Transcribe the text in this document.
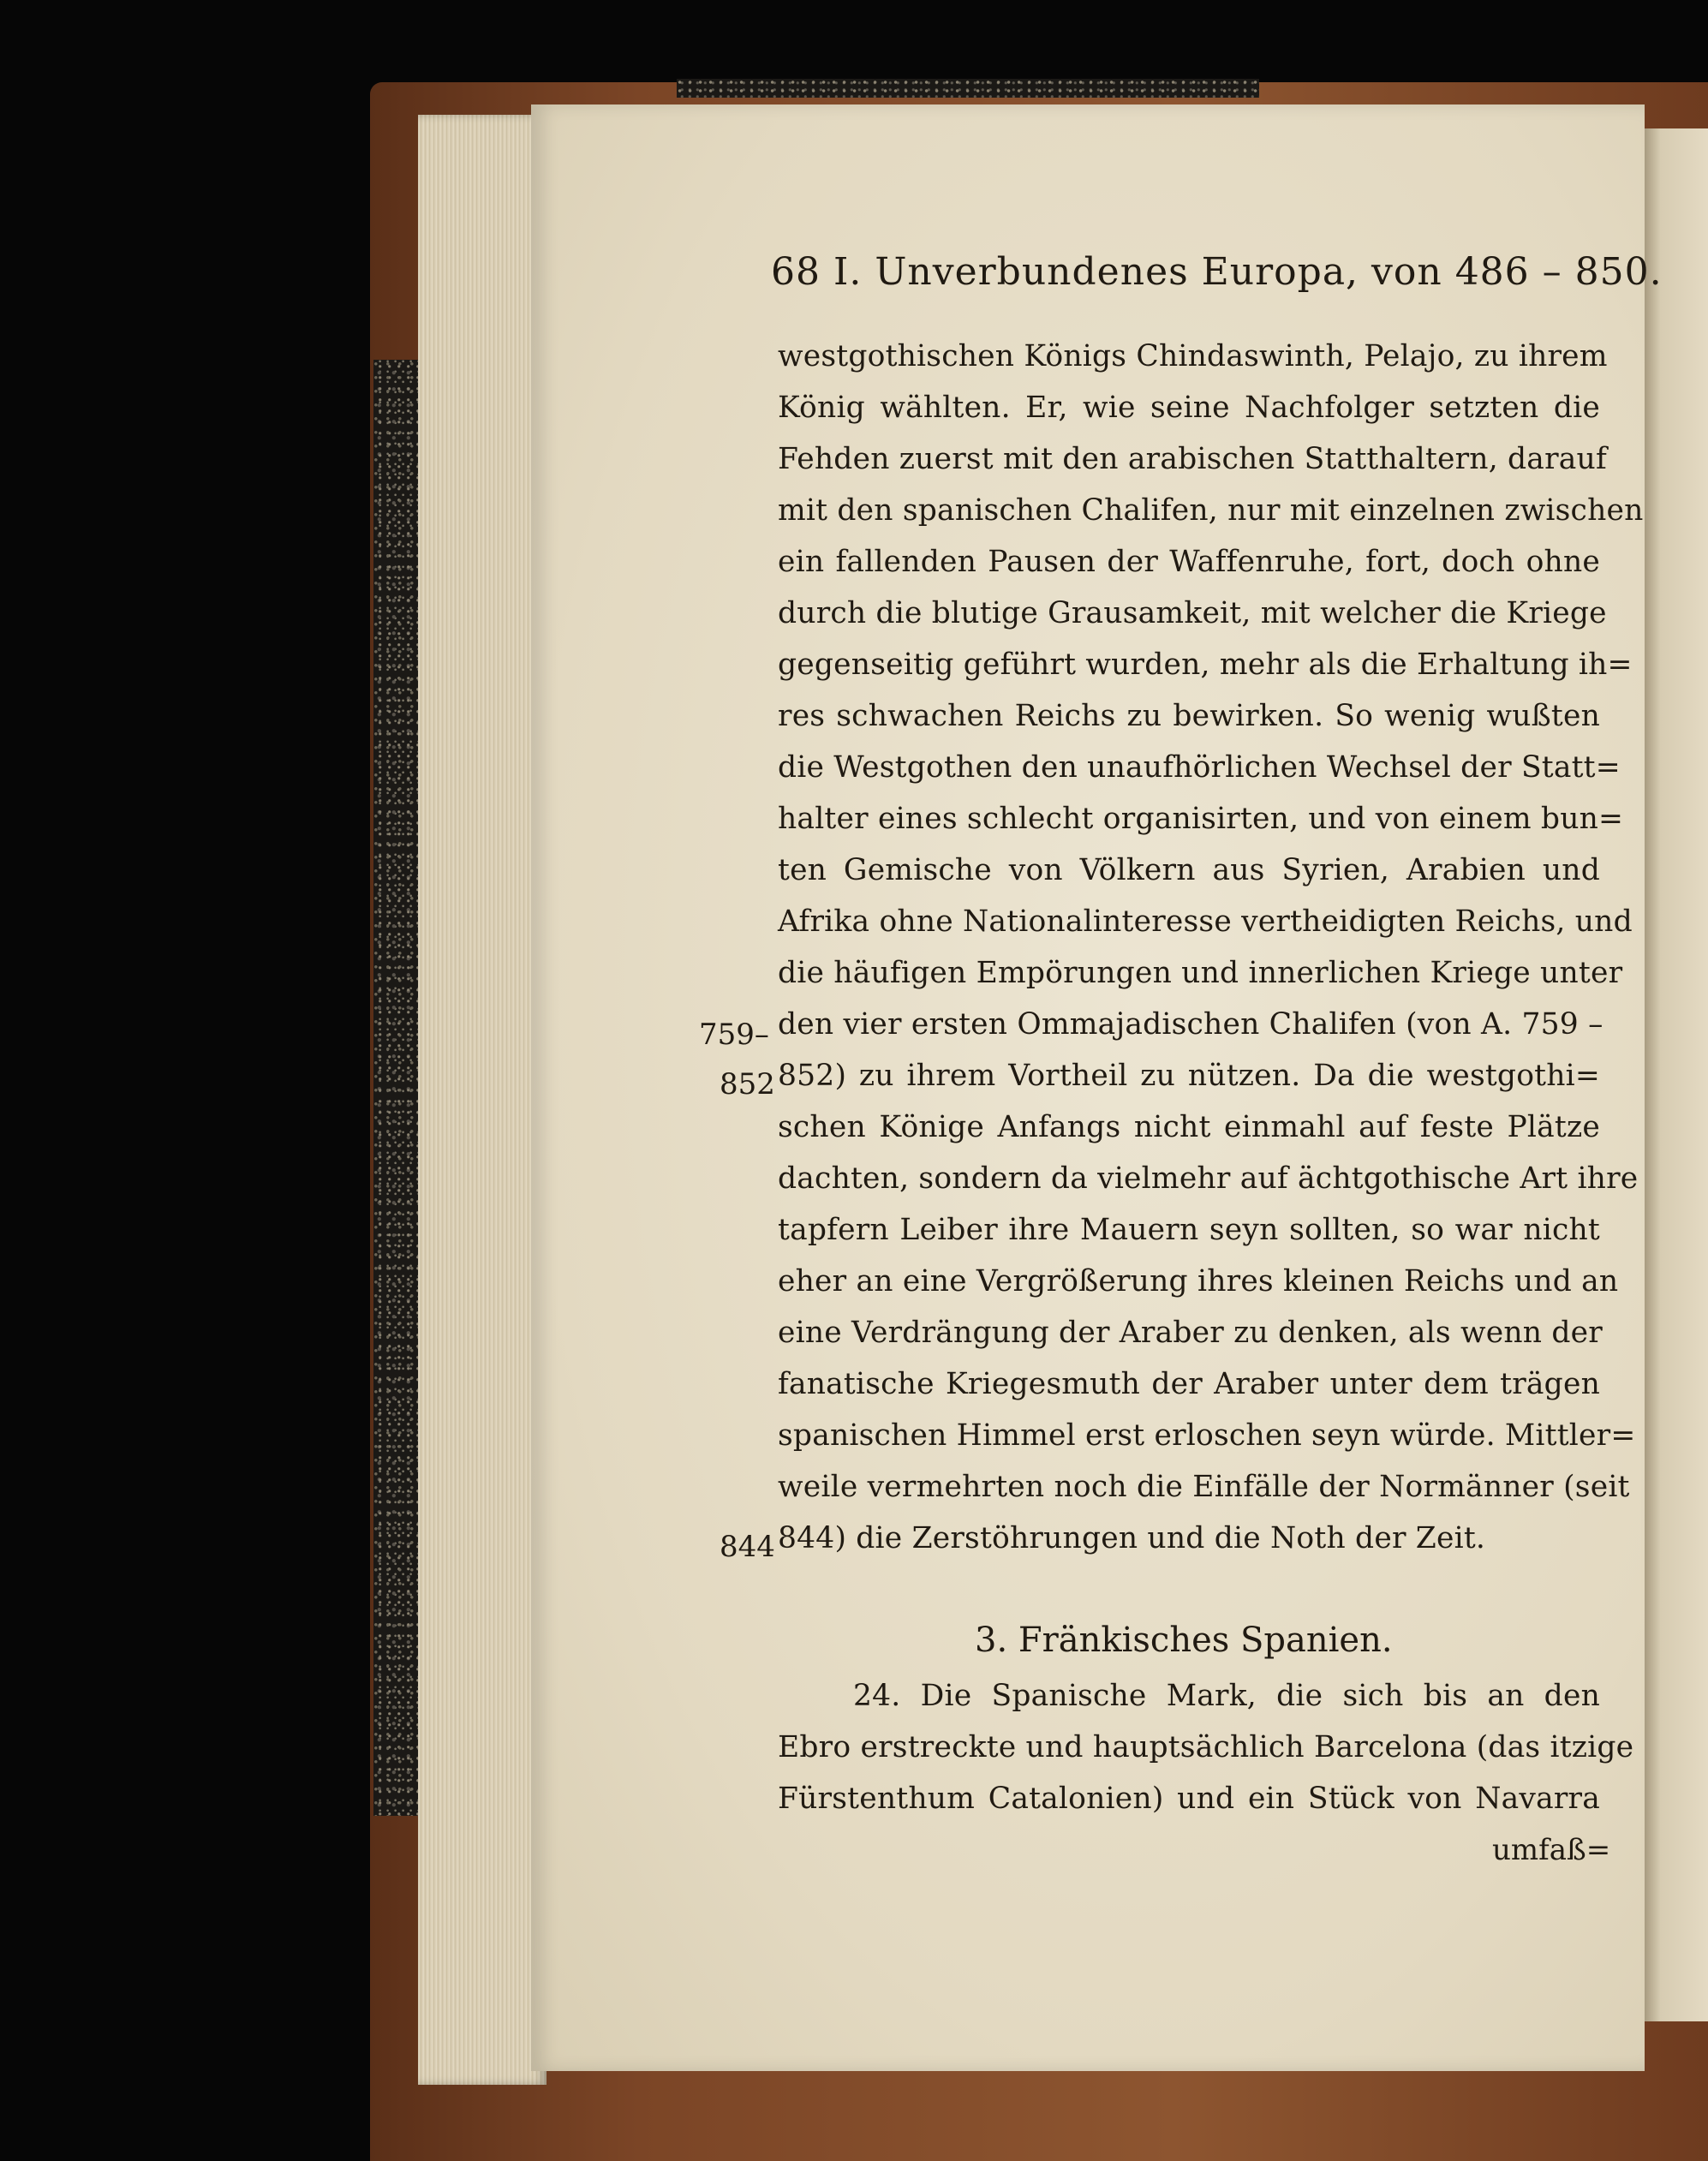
68 I. Unverbundenes Europa, von 486 – 850.
westgothischen Königs Chindaswinth, Pelajo, zu ihrem
König wählten. Er, wie seine Nachfolger setzten die
Fehden zuerst mit den arabischen Statthaltern, darauf
mit den spanischen Chalifen, nur mit einzelnen zwischen
ein fallenden Pausen der Waffenruhe, fort, doch ohne
durch die blutige Grausamkeit, mit welcher die Kriege
gegenseitig geführt wurden, mehr als die Erhaltung ih=
res schwachen Reichs zu bewirken. So wenig wußten
die Westgothen den unaufhörlichen Wechsel der Statt=
halter eines schlecht organisirten, und von einem bun=
ten Gemische von Völkern aus Syrien, Arabien und
Afrika ohne Nationalinteresse vertheidigten Reichs, und
die häufigen Empörungen und innerlichen Kriege unter
den vier ersten Ommajadischen Chalifen (von A. 759 –
852) zu ihrem Vortheil zu nützen. Da die westgothi=
schen Könige Anfangs nicht einmahl auf feste Plätze
dachten, sondern da vielmehr auf ächtgothische Art ihre
tapfern Leiber ihre Mauern seyn sollten, so war nicht
eher an eine Vergrößerung ihres kleinen Reichs und an
eine Verdrängung der Araber zu denken, als wenn der
fanatische Kriegesmuth der Araber unter dem trägen
spanischen Himmel erst erloschen seyn würde. Mittler=
weile vermehrten noch die Einfälle der Normänner (seit
844) die Zerstöhrungen und die Noth der Zeit.
759–
852
844
3. Fränkisches Spanien.
24. Die Spanische Mark, die sich bis an den
Ebro erstreckte und hauptsächlich Barcelona (das itzige
Fürstenthum Catalonien) und ein Stück von Navarra
umfaß=
